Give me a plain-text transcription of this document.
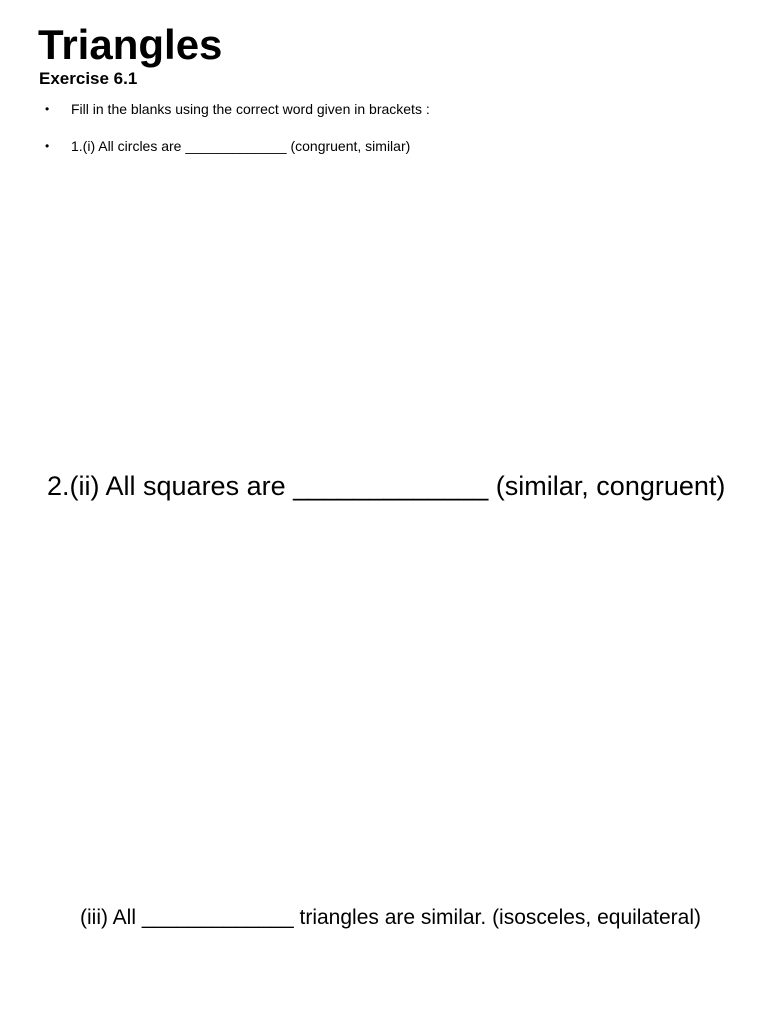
Triangles
Exercise 6.1
• Fill in the blanks using the correct word given in brackets :
• 1.(i) All circles are _____________ (congruent, similar)

2.(ii) All squares are _____________ (similar, congruent)

(iii) All _____________ triangles are similar. (isosceles, equilateral)
